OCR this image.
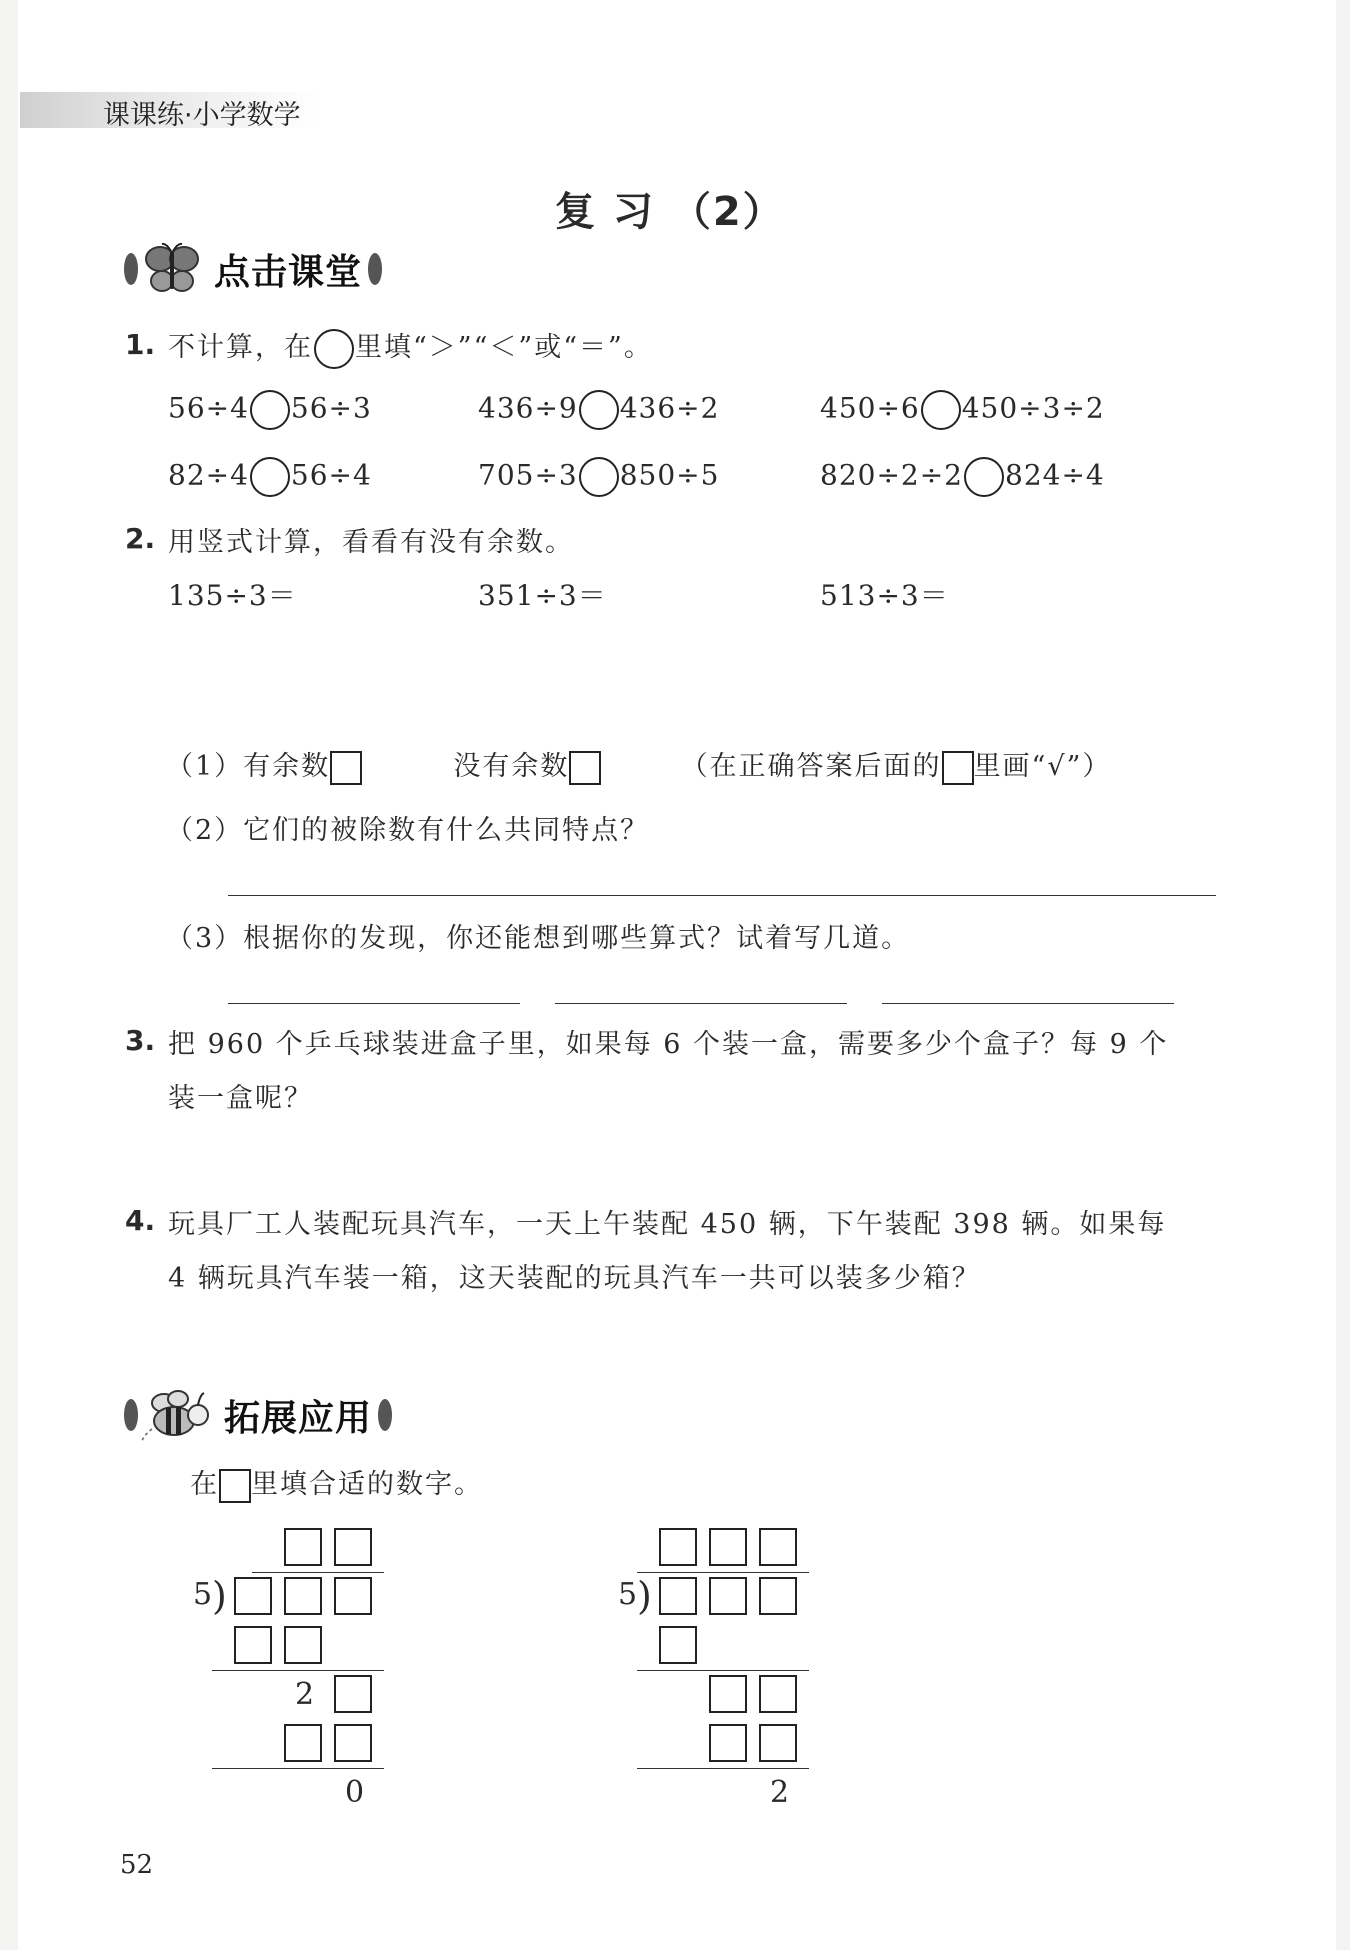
课课练·小学数学
复 习 （2）
点击课堂
1. 不计算，在 里填“＞”“＜”或“＝”。
56÷4 56÷3	436÷9 436÷2	450÷6 450÷3÷2
82÷4 56÷4	705÷3 850÷5	820÷2÷2 824÷4
2. 用竖式计算，看看有没有余数。
135÷3＝	351÷3＝	513÷3＝
（1）有余数	没有余数	（在正确答案后面的 里画“√”）
（2）它们的被除数有什么共同特点？
（3）根据你的发现，你还能想到哪些算式？试着写几道。
3. 把 960 个乒乓球装进盒子里，如果每 6 个装一盒，需要多少个盒子？每 9 个
装一盒呢？
4. 玩具厂工人装配玩具汽车，一天上午装配 450 辆，下午装配 398 辆。如果每
4 辆玩具汽车装一箱，这天装配的玩具汽车一共可以装多少箱？
拓展应用
在 里填合适的数字。
5 )
2
0
5 )
2
52
